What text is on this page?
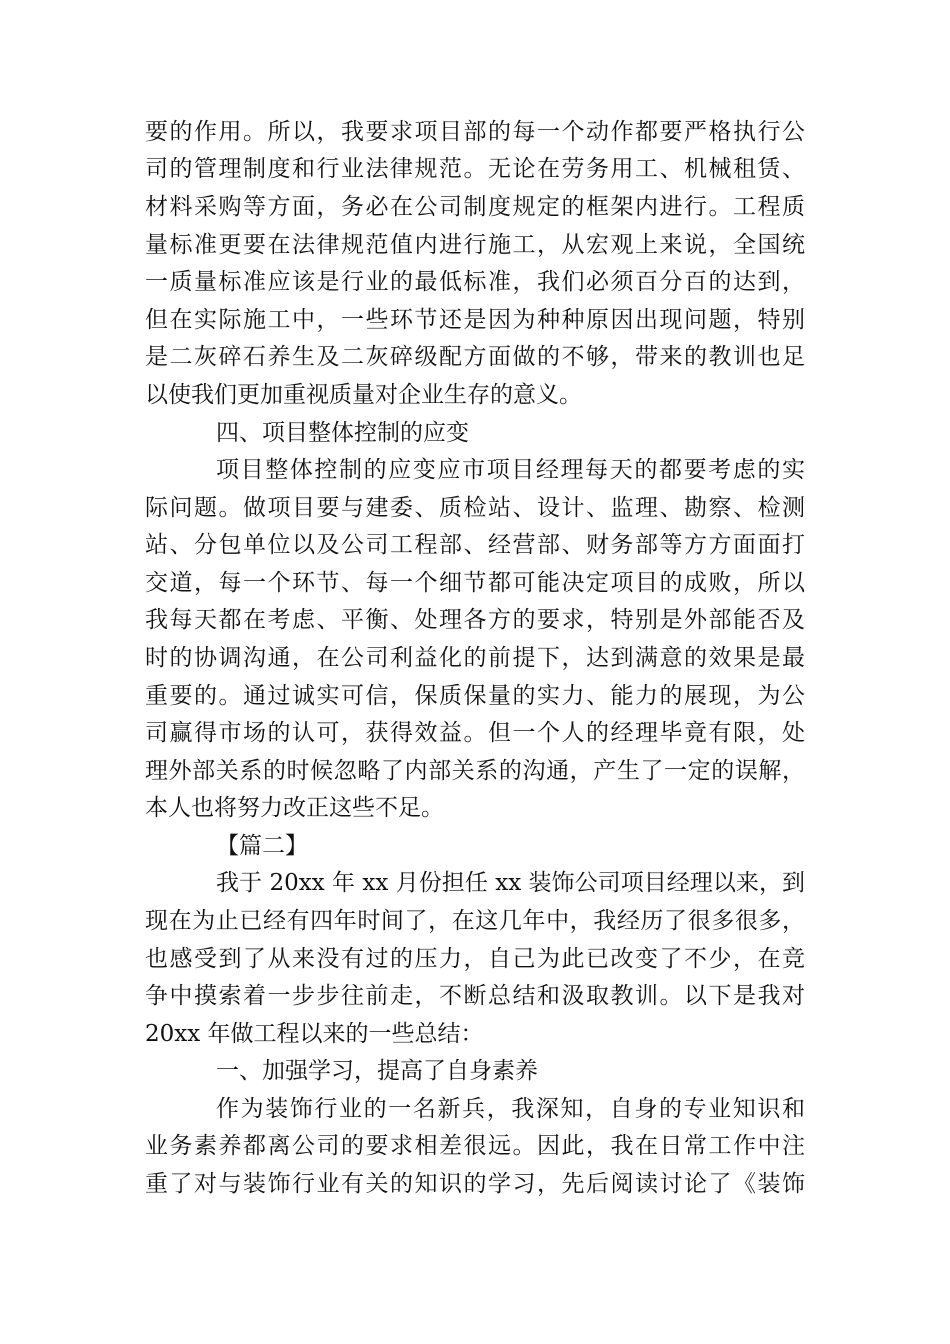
要的作用。所以，我要求项目部的每一个动作都要严格执行公
司的管理制度和行业法律规范。无论在劳务用工、机械租赁、
材料采购等方面，务必在公司制度规定的框架内进行。工程质
量标准更要在法律规范值内进行施工，从宏观上来说，全国统
一质量标准应该是行业的最低标准，我们必须百分百的达到，
但在实际施工中，一些环节还是因为种种原因出现问题，特别
是二灰碎石养生及二灰碎级配方面做的不够，带来的教训也足
以使我们更加重视质量对企业生存的意义。
四、项目整体控制的应变
项目整体控制的应变应市项目经理每天的都要考虑的实
际问题。做项目要与建委、质检站、设计、监理、勘察、检测
站、分包单位以及公司工程部、经营部、财务部等方方面面打
交道，每一个环节、每一个细节都可能决定项目的成败，所以
我每天都在考虑、平衡、处理各方的要求，特别是外部能否及
时的协调沟通，在公司利益化的前提下，达到满意的效果是最
重要的。通过诚实可信，保质保量的实力、能力的展现，为公
司赢得市场的认可，获得效益。但一个人的经理毕竟有限，处
理外部关系的时候忽略了内部关系的沟通，产生了一定的误解，
本人也将努力改正这些不足。
【篇二】
我于 20xx 年 xx 月份担任 xx 装饰公司项目经理以来，到
现在为止已经有四年时间了，在这几年中，我经历了很多很多，
也感受到了从来没有过的压力，自己为此已改变了不少，在竞
争中摸索着一步步往前走，不断总结和汲取教训。以下是我对
20xx 年做工程以来的一些总结：
一、加强学习，提高了自身素养
作为装饰行业的一名新兵，我深知，自身的专业知识和
业务素养都离公司的要求相差很远。因此，我在日常工作中注
重了对与装饰行业有关的知识的学习，先后阅读讨论了《装饰
